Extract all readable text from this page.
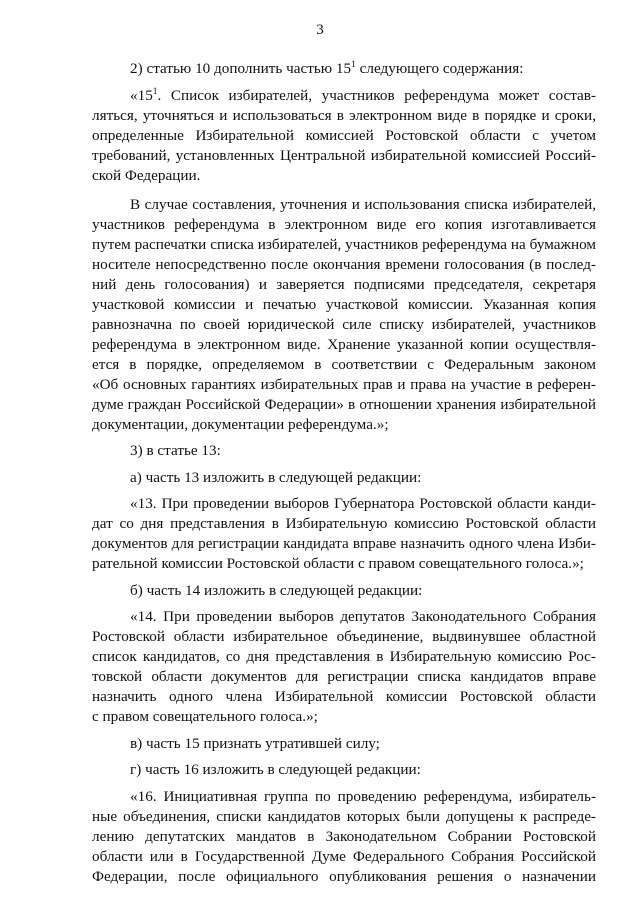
3
2) статью 10 дополнить частью $15^1$ следующего содержания:
«$15^1$. Список избирателей, участников референдума может состав-
ляться, уточняться и использоваться в электронном виде в порядке и сроки,
определенные Избирательной комиссией Ростовской области с учетом
требований, установленных Центральной избирательной комиссией Россий-
ской Федерации.
В случае составления, уточнения и использования списка избирателей,
участников референдума в электронном виде его копия изготавливается
путем распечатки списка избирателей, участников референдума на бумажном
носителе непосредственно после окончания времени голосования (в послед-
ний день голосования) и заверяется подписями председателя, секретаря
участковой комиссии и печатью участковой комиссии. Указанная копия
равнозначна по своей юридической силе списку избирателей, участников
референдума в электронном виде. Хранение указанной копии осуществля-
ется в порядке, определяемом в соответствии с Федеральным законом
«Об основных гарантиях избирательных прав и права на участие в референ-
думе граждан Российской Федерации» в отношении хранения избирательной
документации, документации референдума.»;
3) в статье 13:
а) часть 13 изложить в следующей редакции:
«13. При проведении выборов Губернатора Ростовской области канди-
дат со дня представления в Избирательную комиссию Ростовской области
документов для регистрации кандидата вправе назначить одного члена Изби-
рательной комиссии Ростовской области с правом совещательного голоса.»;
б) часть 14 изложить в следующей редакции:
«14. При проведении выборов депутатов Законодательного Собрания
Ростовской области избирательное объединение, выдвинувшее областной
список кандидатов, со дня представления в Избирательную комиссию Рос-
товской области документов для регистрации списка кандидатов вправе
назначить одного члена Избирательной комиссии Ростовской области
с правом совещательного голоса.»;
в) часть 15 признать утратившей силу;
г) часть 16 изложить в следующей редакции:
«16. Инициативная группа по проведению референдума, избиратель-
ные объединения, списки кандидатов которых были допущены к распреде-
лению депутатских мандатов в Законодательном Собрании Ростовской
области или в Государственной Думе Федерального Собрания Российской
Федерации, после официального опубликования решения о назначении
